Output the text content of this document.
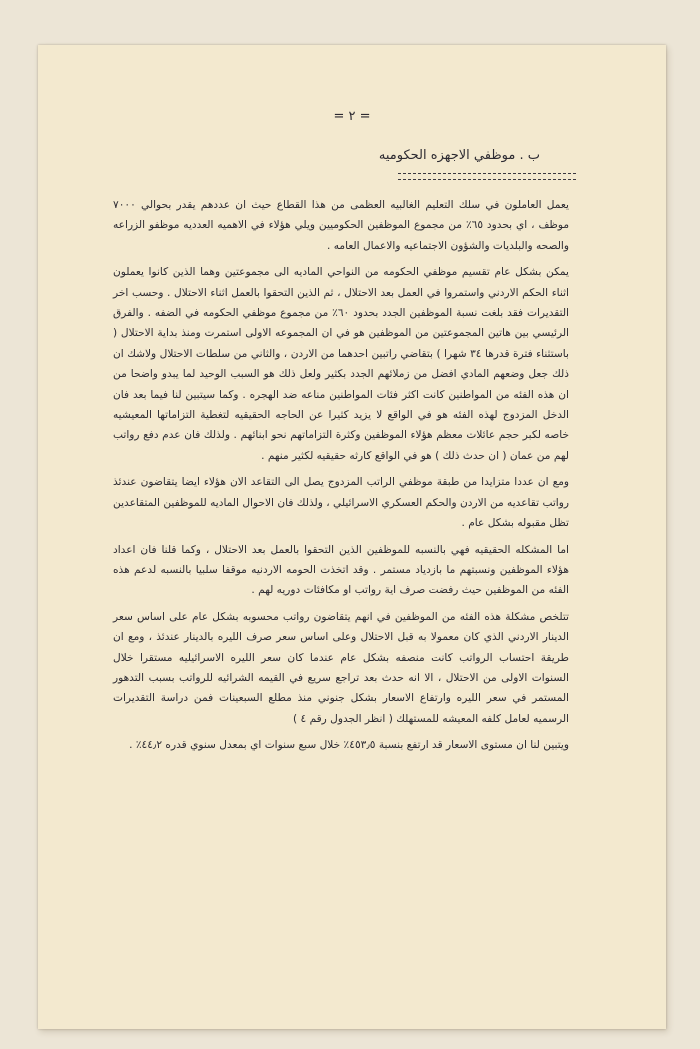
= ٢ =
ب . موظفي الاجهزه الحكوميه

يعمل العاملون في سلك التعليم الغالبيه العظمى من هذا القطاع حيث ان عددهم يقدر بحوالي ٧٠٠٠ موظف ، اي بحدود ٦٥٪ من مجموع الموظفين الحكوميين ويلي هؤلاء في الاهميه العدديه موظفو الزراعه والصحه والبلديات والشؤون الاجتماعيه والاعمال العامه .

يمكن بشكل عام تقسيم موظفي الحكومه من النواحي الماديه الى مجموعتين وهما الذين كانوا يعملون اثناء الحكم الاردني واستمروا في العمل بعد الاحتلال ، ثم الذين التحقوا بالعمل اثناء الاحتلال . وحسب اخر التقديرات فقد بلغت نسبة الموظفين الجدد بحدود ٦٠٪ من مجموع موظفي الحكومه في الضفه . والفرق الرئيسي بين هاتين المجموعتين من الموظفين هو في ان المجموعه الاولى استمرت ومنذ بداية الاحتلال ( باستثناء فترة قدرها ٣٤ شهرا ) بتقاضي راتبين احدهما من الاردن ، والثاني من سلطات الاحتلال ولاشك ان ذلك جعل وضعهم المادي افضل من زملائهم الجدد بكثير ولعل ذلك هو السبب الوحيد لما يبدو واضحا من ان هذه الفئه من المواطنين كانت اكثر فئات المواطنين مناعه ضد الهجره . وكما سيتبين لنا فيما بعد فان الدخل المزدوج لهذه الفئه هو في الواقع لا يزيد كثيرا عن الحاجه الحقيقيه لتغطية التزاماتها المعيشيه خاصه لكبر حجم عائلات معظم هؤلاء الموظفين وكثرة التزاماتهم نحو ابنائهم . ولذلك فان عدم دفع رواتب لهم من عمان ( ان حدث ذلك ) هو في الواقع كارثه حقيقيه لكثير منهم .

ومع ان عددا متزايدا من طبقة موظفي الراتب المزدوج يصل الى التقاعد الان هؤلاء ايضا يتقاضون عندئذ رواتب تقاعديه من الاردن والحكم العسكري الاسرائيلي ، ولذلك فان الاحوال الماديه للموظفين المتقاعدين تظل مقبوله بشكل عام .

اما المشكله الحقيقيه فهي بالنسبه للموظفين الذين التحقوا بالعمل بعد الاحتلال ، وكما قلنا فان اعداد هؤلاء الموظفين ونسبتهم ما بازدياد مستمر . وقد اتخذت الحومه الاردنيه موقفا سلبيا بالنسبه لدعم هذه الفئه من الموظفين حيث رفضت صرف اية رواتب او مكافئات دوريه لهم .

تتلخص مشكلة هذه الفئه من الموظفين في انهم يتقاضون رواتب محسوبه بشكل عام على اساس سعر الدينار الاردني الذي كان معمولا به قبل الاحتلال وعلى اساس سعر صرف الليره بالدينار عندئذ ، ومع ان طريقة احتساب الرواتب كانت منصفه بشكل عام عندما كان سعر الليره الاسرائيليه مستقرا خلال السنوات الاولى من الاحتلال ، الا انه حدث بعد تراجع سريع في القيمه الشرائيه للرواتب بسبب التدهور المستمر في سعر الليره وارتفاع الاسعار بشكل جنوني منذ مطلع السبعينات فمن دراسة التقديرات الرسميه لعامل كلفه المعيشه للمستهلك ( انظر الجدول رقم ٤ )

ويتبين لنا ان مستوى الاسعار قد ارتفع بنسبة ٤٥٣٫٥٪ خلال سبع سنوات اي بمعدل سنوي قدره ٤٤٫٢٪ .
